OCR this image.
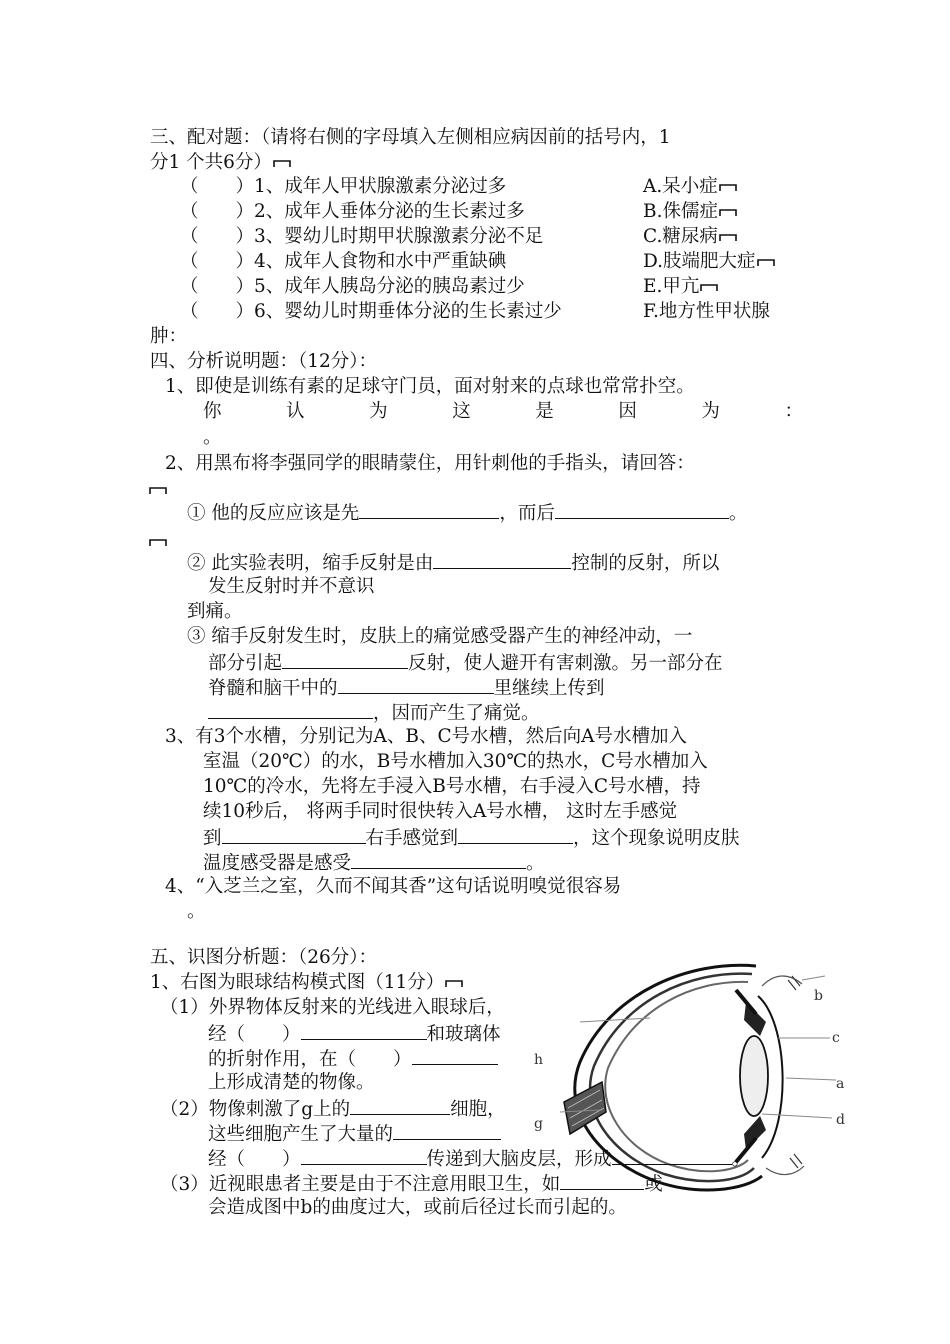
三、配对题：（请将右侧的字母填入左侧相应病因前的括号内，1
分1 个共6分）
（　　）1、成年人甲状腺激素分泌过多	A.呆小症
（　　）2、成年人垂体分泌的生长素过多	B.侏儒症
（　　）3、婴幼儿时期甲状腺激素分泌不足	C.糖尿病
（　　）4、成年人食物和水中严重缺碘	D.肢端肥大症
（　　）5、成年人胰岛分泌的胰岛素过少	E.甲亢
（　　）6、婴幼儿时期垂体分泌的生长素过少	F.地方性甲状腺
肿：
四、分析说明题：（12分）：
1、即使是训练有素的足球守门员，面对射来的点球也常常扑空。
你	认	为	这	是	因	为	：
。
2、用黑布将李强同学的眼睛蒙住，用针刺他的手指头，请回答：
① 他的反应应该是先	，而后	。
② 此实验表明，缩手反射是由	控制的反射，所以
发生反射时并不意识
到痛。
③ 缩手反射发生时，皮肤上的痛觉感受器产生的神经冲动，一
部分引起	反射，使人避开有害刺激。另一部分在
脊髓和脑干中的	里继续上传到
，因而产生了痛觉。
3、有3个水槽，分别记为A、B、C号水槽，然后向A号水槽加入
室温（20℃）的水，B号水槽加入30℃的热水，C号水槽加入
10℃的冷水，先将左手浸入B号水槽，右手浸入C号水槽，持
续10秒后， 将两手同时很快转入A号水槽， 这时左手感觉
到	右手感觉到	，这个现象说明皮肤
温度感受器是感受	。
4、“入芝兰之室，久而不闻其香”这句话说明嗅觉很容易
。
五、识图分析题：（26分）：
1、右图为眼球结构模式图（11分）
b
c
a
d
h
g
（1）外界物体反射来的光线进入眼球后，
经（　　）	和玻璃体
的折射作用，在（　　）
上形成清楚的物像。
（2）物像刺激了g上的	细胞，
这些细胞产生了大量的
经（　　）	传递到大脑皮层，形成	。
（3）近视眼患者主要是由于不注意用眼卫生，如	或
会造成图中b的曲度过大，或前后径过长而引起的。
